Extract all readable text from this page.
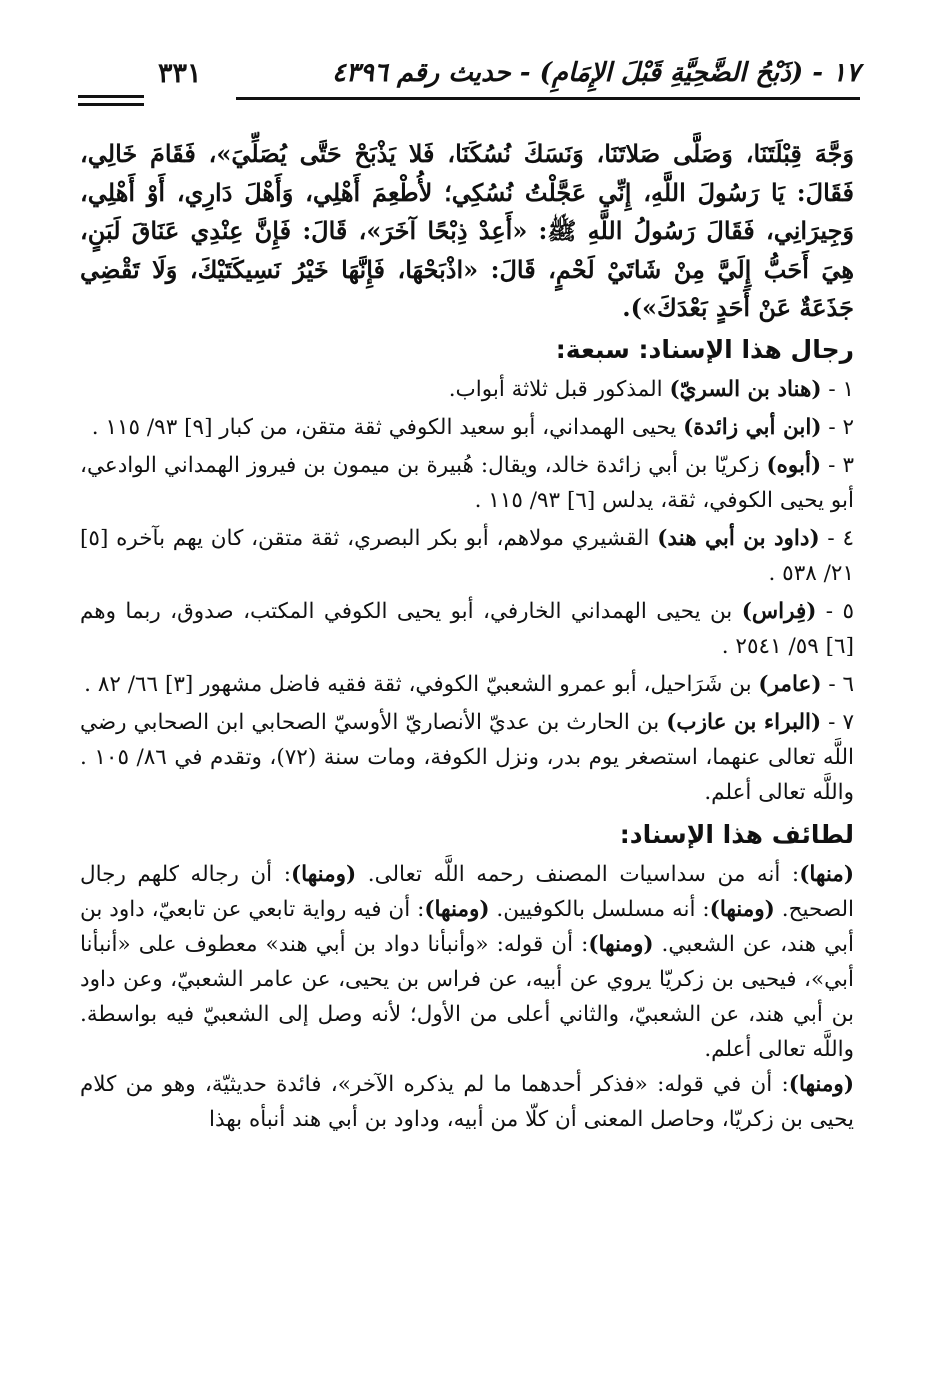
٣٣١	١٧ - (ذَبْحُ الضَّحِيَّةِ قَبْلَ الإِمَامِ) - حديث رقم ٤٣٩٦

وَجَّهَ قِبْلَتَنَا، وَصَلَّى صَلاتَنَا، وَنَسَكَ نُسُكَنَا، فَلا يَذْبَحْ حَتَّى يُصَلِّيَ»، فَقَامَ خَالِي، فَقَالَ: يَا رَسُولَ اللَّهِ، إِنِّي عَجَّلْتُ نُسُكِي؛ لأُطْعِمَ أَهْلِي، وَأَهْلَ دَارِي، أَوْ أَهْلِي، وَجِيرَانِي، فَقَالَ رَسُولُ اللَّهِ ﷺ: «أَعِدْ ذِبْحًا آخَرَ»، قَالَ: فَإِنَّ عِنْدِي عَنَاقَ لَبَنٍ، هِيَ أَحَبُّ إِلَيَّ مِنْ شَاتَيْ لَحْمٍ، قَالَ: «اذْبَحْهَا، فَإِنَّهَا خَيْرُ نَسِيكَتَيْكَ، وَلَا تَقْضِي جَذَعَةٌ عَنْ أَحَدٍ بَعْدَكَ»).

رجال هذا الإسناد: سبعة:
١ - (هناد بن السريّ) المذكور قبل ثلاثة أبواب.
٢ - (ابن أبي زائدة) يحيى الهمداني، أبو سعيد الكوفي ثقة متقن، من كبار [٩] ٩٣/ ١١٥ .
٣ - (أبوه) زكريّا بن أبي زائدة خالد، ويقال: هُبيرة بن ميمون بن فيروز الهمداني الوادعي، أبو يحيى الكوفي، ثقة، يدلس [٦] ٩٣/ ١١٥ .
٤ - (داود بن أبي هند) القشيري مولاهم، أبو بكر البصري، ثقة متقن، كان يهم بآخره [٥] ٢١/ ٥٣٨ .
٥ - (فِراس) بن يحيى الهمداني الخارفي، أبو يحيى الكوفي المكتب، صدوق، ربما وهم [٦] ٥٩/ ٢٥٤١ .
٦ - (عامر) بن شَرَاحيل، أبو عمرو الشعبيّ الكوفي، ثقة فقيه فاضل مشهور [٣] ٦٦/ ٨٢ .
٧ - (البراء بن عازب) بن الحارث بن عديّ الأنصاريّ الأوسيّ الصحابي ابن الصحابي رضي اللَّه تعالى عنهما، استصغر يوم بدر، ونزل الكوفة، ومات سنة (٧٢)، وتقدم في ٨٦/ ١٠٥ . واللَّه تعالى أعلم.
لطائف هذا الإسناد:

(منها): أنه من سداسيات المصنف رحمه اللَّه تعالى. (ومنها): أن رجاله كلهم رجال الصحيح. (ومنها): أنه مسلسل بالكوفيين. (ومنها): أن فيه رواية تابعي عن تابعيّ، داود بن أبي هند، عن الشعبي. (ومنها): أن قوله: «وأنبأنا دواد بن أبي هند» معطوف على «أنبأنا أبي»، فيحيى بن زكريّا يروي عن أبيه، عن فراس بن يحيى، عن عامر الشعبيّ، وعن داود بن أبي هند، عن الشعبيّ، والثاني أعلى من الأول؛ لأنه وصل إلى الشعبيّ فيه بواسطة. واللَّه تعالى أعلم.

(ومنها): أن في قوله: «فذكر أحدهما ما لم يذكره الآخر»، فائدة حديثيّة، وهو من كلام يحيى بن زكريّا، وحاصل المعنى أن كلّا من أبيه، وداود بن أبي هند أنبأه بهذا
